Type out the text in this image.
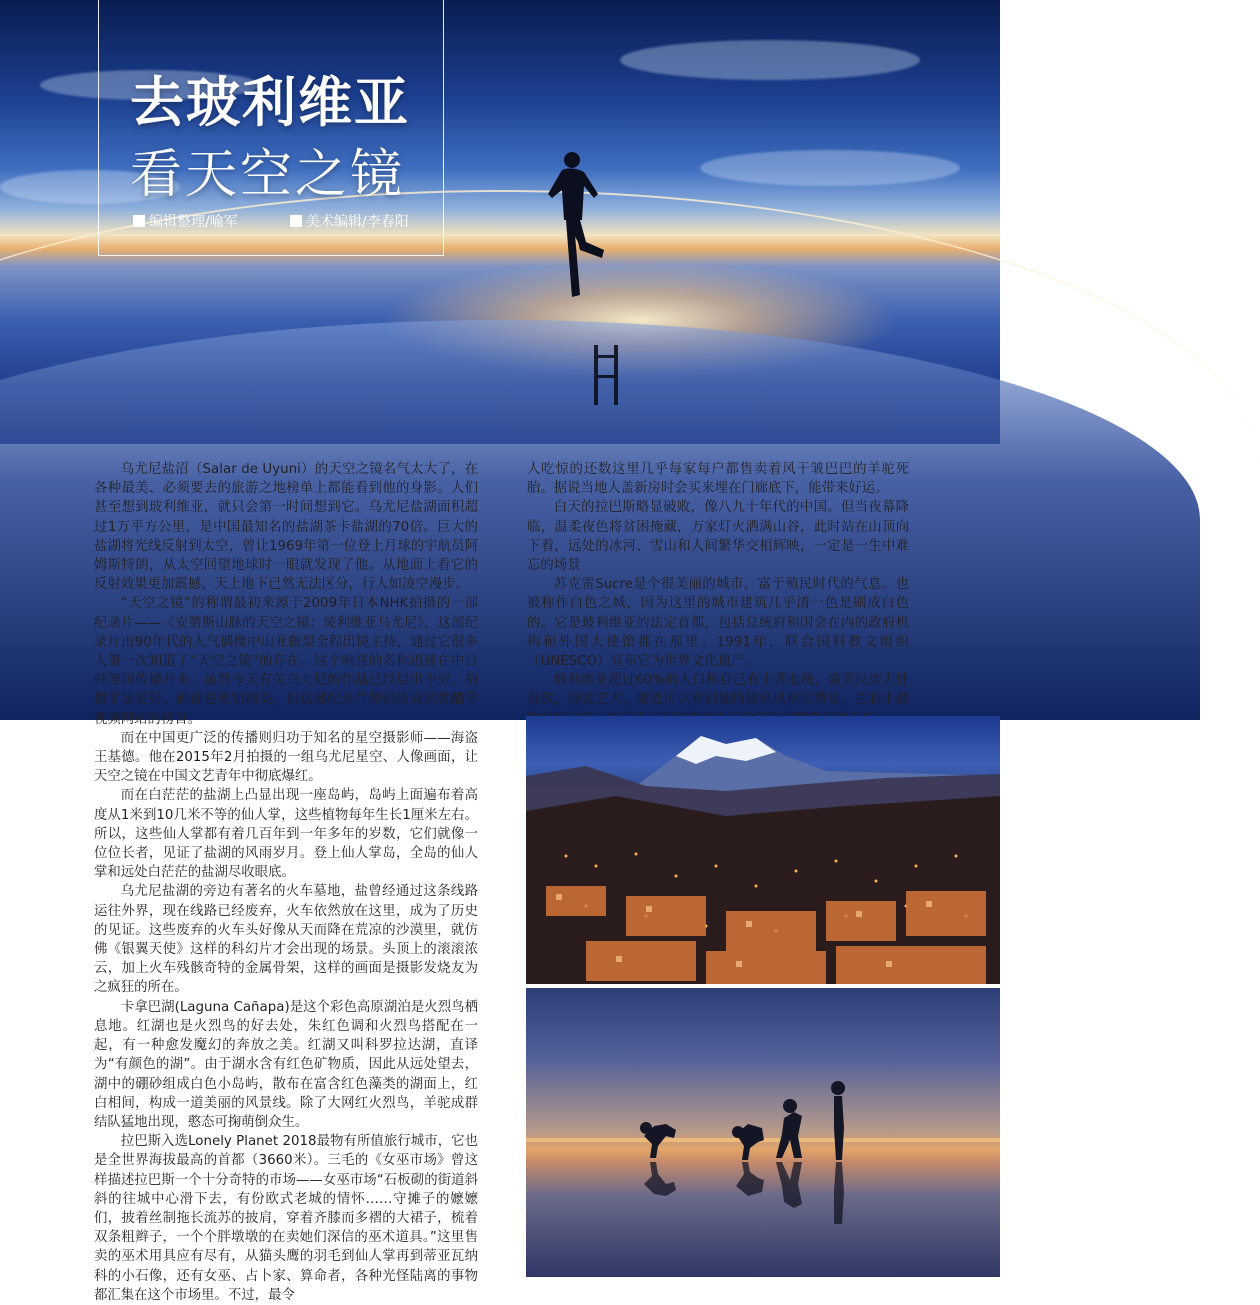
去玻利维亚
看天空之镜
编辑整理/喻军	美术编辑/李春阳

乌尤尼盐沼（Salar de Uyuni）的天空之镜名气太大了，在各种最美、必须要去的旅游之地榜单上都能看到他的身影。人们甚至想到玻利维亚，就只会第一时间想到它。乌尤尼盐湖面积超过1万平方公里，是中国最知名的盐湖茶卡盐湖的70倍。巨大的盐湖将光线反射到太空，曾让1969年第一位登上月球的宇航员阿姆斯特朗，从太空回望地球时一眼就发现了他。从地面上看它的反射效果更加震撼，天上地下已然无法区分，行人如凌空漫步。

“天空之镜”的称谓最初来源于2009年日本NHK拍摄的一部纪录片——《安第斯山脉的天空之镜：玻利维亚乌尤尼》，这部纪录片由90年代的人气偶像中山亚微梨全程出镜主持，通过它很多人第一次知道了“天空之镜”的存在。这个响亮的名称迅速在中日韩等国传播开来。虽然今天有关乌尤尼的作品已经层出不穷，拍摄手法更好、画面也更加精美，但这部纪录片却仍能高居优酷等视频网站的榜首。

而在中国更广泛的传播则归功于知名的星空摄影师——海盗王基德。他在2015年2月拍摄的一组乌尤尼星空、人像画面，让天空之镜在中国文艺青年中彻底爆红。

而在白茫茫的盐湖上凸显出现一座岛屿，岛屿上面遍布着高度从1米到10几米不等的仙人掌，这些植物每年生长1厘米左右。所以，这些仙人掌都有着几百年到一年多年的岁数，它们就像一位位长者，见证了盐湖的风雨岁月。登上仙人掌岛，全岛的仙人掌和远处白茫茫的盐湖尽收眼底。

乌尤尼盐湖的旁边有著名的火车墓地，盐曾经通过这条线路运往外界，现在线路已经废弃，火车依然放在这里，成为了历史的见证。这些废弃的火车头好像从天而降在荒凉的沙漠里，就仿佛《银翼天使》这样的科幻片才会出现的场景。头顶上的滚滚浓云，加上火车残骸奇特的金属骨架，这样的画面是摄影发烧友为之疯狂的所在。

卡拿巴湖(Laguna Cañapa)是这个彩色高原湖泊是火烈鸟栖息地。红湖也是火烈鸟的好去处，朱红色调和火烈鸟搭配在一起，有一种愈发魔幻的奔放之美。红湖又叫科罗拉达湖，直译为“有颜色的湖”。由于湖水含有红色矿物质，因此从远处望去，湖中的硼砂组成白色小岛屿，散布在富含红色藻类的湖面上，红白相间，构成一道美丽的风景线。除了大网红火烈鸟，羊驼成群结队猛地出现，憨态可掬萌倒众生。

拉巴斯入选Lonely Planet 2018最物有所值旅行城市，它也是全世界海拔最高的首都（3660米）。三毛的《女巫市场》曾这样描述拉巴斯一个十分奇特的市场——女巫市场“石板砌的街道斜斜的往城中心滑下去，有份欧式老城的情怀……守摊子的嬷嬷们，披着丝制拖长流苏的披肩，穿着齐膝而多褶的大裙子，梳着双条粗辫子，一个个胖墩墩的在卖她们深信的巫术道具。”这里售卖的巫术用具应有尽有，从猫头鹰的羽毛到仙人掌再到蒂亚瓦纳科的小石像，还有女巫、占卜家、算命者，各种光怪陆离的事物都汇集在这个市场里。不过，最令

人吃惊的还数这里几乎每家每户都售卖着风干皱巴巴的羊驼死胎。据说当地人盖新房时会买来埋在门廊底下，能带来好运。

白天的拉巴斯略显破败，像八九十年代的中国。但当夜幕降临，温柔夜色将贫困掩藏，万家灯火洒满山谷，此时站在山顶向下看，远处的冰河、雪山和人间繁华交相辉映，一定是一生中难忘的场景

苏克雷Sucre是个很美丽的城市，富于殖民时代的气息。也被称作白色之城，因为这里的城市建筑几乎清一色是刷成白色的。它是玻利维亚的法定首都，包括总统府和国会在内的政府机构和外国大使馆都在那里。1991年，联合国科教文组织（UNESCO）宣布它为世界文化遗产。

玻利维亚超过60%的人口称自己有土著血统，南美民族天性奔放，热爱艺术，随处可以看到独特建筑风格的教堂，色彩丰盈
